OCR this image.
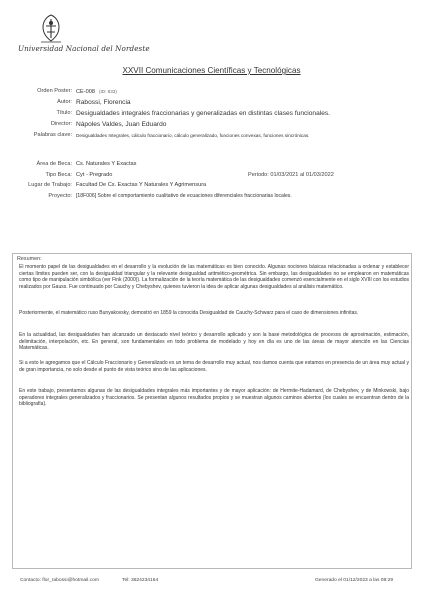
Universidad Nacional del Nordeste
XXVII Comunicaciones Científicas y Tecnológicas
Orden Poster: CE-008 (ID: 833)
Autor: Rabossi, Florencia
Título: Desigualdades integrales fraccionarias y generalizadas en distintas clases funcionales.
Director: Nápoles Valdes, Juan Eduardo
Palabras clave: Desigualdades Integrales, cálculo fraccionario, cálculo generalizado, funciones convexas, funciones sincrónicas.
Área de Beca: Cs. Naturales Y Exactas
Tipo Beca: Cyt - Pregrado	Periodo: 01/03/2021 al 01/03/2022
Lugar de Trabajo: Facultad De Cs. Exactas Y Naturales Y Agrimensura
Proyecto: [18F006] Sobre el comportamiento cualitativo de ecuaciones diferenciales fraccionarias locales.
Resumen:
El momento papel de las desigualdades en el desarrollo y la evolución de las matemáticas es bien conocido. Algunas nociones básicas relacionadas a ordenar y establecer ciertas límites pueden ser, con la desigualdad triangular y la relevante desigualdad aritmético-geométrica. Sin embargo, las desigualdades no se emplearon en matemáticas como tipo de manipulación simbólica (ver Fink (2000)). La formalización de la teoría matemática de las desigualdades comenzó esencialmente en el siglo XVIII con los estudios realizados por Gauss. Fue continuado por Cauchy y Chebyshev, quienes tuvieron la idea de aplicar algunas desigualdades al análisis matemático.
Posteriormente, el matemático ruso Bunyakovsky, demostró en 1859 la conocida Desigualdad de Cauchy-Schwarz para el caso de dimensiones infinitas.
En la actualidad, las desigualdades han alcanzado un destacado nivel teórico y desarrollo aplicado y son la base metodológica de procesos de aproximación, estimación, delimitación, interpolación, etc. En general, son fundamentales en todo problema de modelado y hoy en día es uno de las áreas de mayor atención en las Ciencias Matemáticas.
Si a esto le agregamos que el Cálculo Fraccionario y Generalizado es un tema de desarrollo muy actual, nos damos cuenta que estamos en presencia de un área muy actual y de gran importancia, no solo desde el punto de vista teórico sino de las aplicaciones.
En este trabajo, presentamos algunas de las desigualdades integrales más importantes y de mayor aplicación: de Hermite-Hadamard, de Chebyshev, y de Minkowski, bajo operadores integrales generalizados y fraccionarios. Se presentan algunos resultados propios y se muestran algunos caminos abiertos (los cuales se encuentran dentro de la bibliografía).
Contacto: flor_rabossi@hotmail.com	Tel: 3624234164	Generado el 01/12/2023 a las 08:29
